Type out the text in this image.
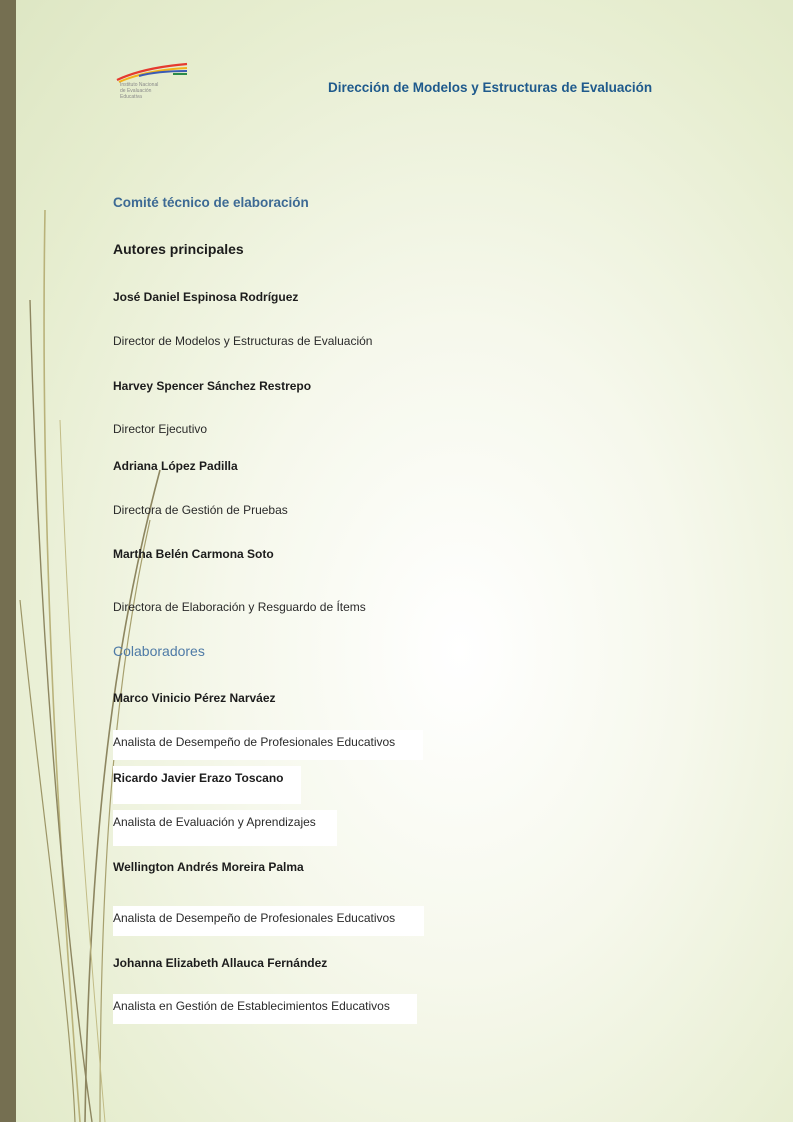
Instituto Nacional
de Evaluación
Educativa
Dirección de Modelos y Estructuras de Evaluación
Comité técnico de elaboración
Autores principales
José Daniel Espinosa Rodríguez
Director de Modelos y Estructuras de Evaluación
Harvey Spencer Sánchez Restrepo
Director Ejecutivo
Adriana López Padilla
Directora de Gestión de Pruebas
Martha Belén Carmona Soto
Directora de Elaboración y Resguardo de Ítems
Colaboradores
Marco Vinicio Pérez Narváez
Analista de Desempeño de Profesionales Educativos
Ricardo Javier Erazo Toscano
Analista de Evaluación y Aprendizajes
Wellington Andrés Moreira Palma
Analista de Desempeño de Profesionales Educativos
Johanna Elizabeth Allauca Fernández
Analista en Gestión de Establecimientos Educativos
